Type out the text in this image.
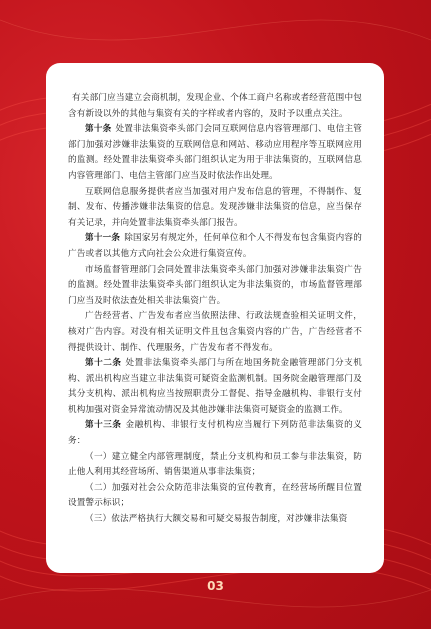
有关部门应当建立会商机制，发现企业、个体工商户名称或者经营范围中包含有新设以外的其他与集资有关的字样或者内容的，及时予以重点关注。

第十条 处置非法集资牵头部门会同互联网信息内容管理部门、电信主管部门加强对涉嫌非法集资的互联网信息和网站、移动应用程序等互联网应用的监测。经处置非法集资牵头部门组织认定为用于非法集资的，互联网信息内容管理部门、电信主管部门应当及时依法作出处理。

互联网信息服务提供者应当加强对用户发布信息的管理，不得制作、复制、发布、传播涉嫌非法集资的信息。发现涉嫌非法集资的信息，应当保存有关记录，并向处置非法集资牵头部门报告。

第十一条 除国家另有规定外，任何单位和个人不得发布包含集资内容的广告或者以其他方式向社会公众进行集资宣传。

市场监督管理部门会同处置非法集资牵头部门加强对涉嫌非法集资广告的监测。经处置非法集资牵头部门组织认定为非法集资的，市场监督管理部门应当及时依法查处相关非法集资广告。

广告经营者、广告发布者应当依照法律、行政法规查验相关证明文件，核对广告内容。对没有相关证明文件且包含集资内容的广告，广告经营者不得提供设计、制作、代理服务，广告发布者不得发布。

第十二条 处置非法集资牵头部门与所在地国务院金融管理部门分支机构、派出机构应当建立非法集资可疑资金监测机制。国务院金融管理部门及其分支机构、派出机构应当按照职责分工督促、指导金融机构、非银行支付机构加强对资金异常流动情况及其他涉嫌非法集资可疑资金的监测工作。

第十三条 金融机构、非银行支付机构应当履行下列防范非法集资的义务：

（一）建立健全内部管理制度，禁止分支机构和员工参与非法集资，防止他人利用其经营场所、销售渠道从事非法集资；

（二）加强对社会公众防范非法集资的宣传教育，在经营场所醒目位置设置警示标识；

（三）依法严格执行大额交易和可疑交易报告制度，对涉嫌非法集资

03
